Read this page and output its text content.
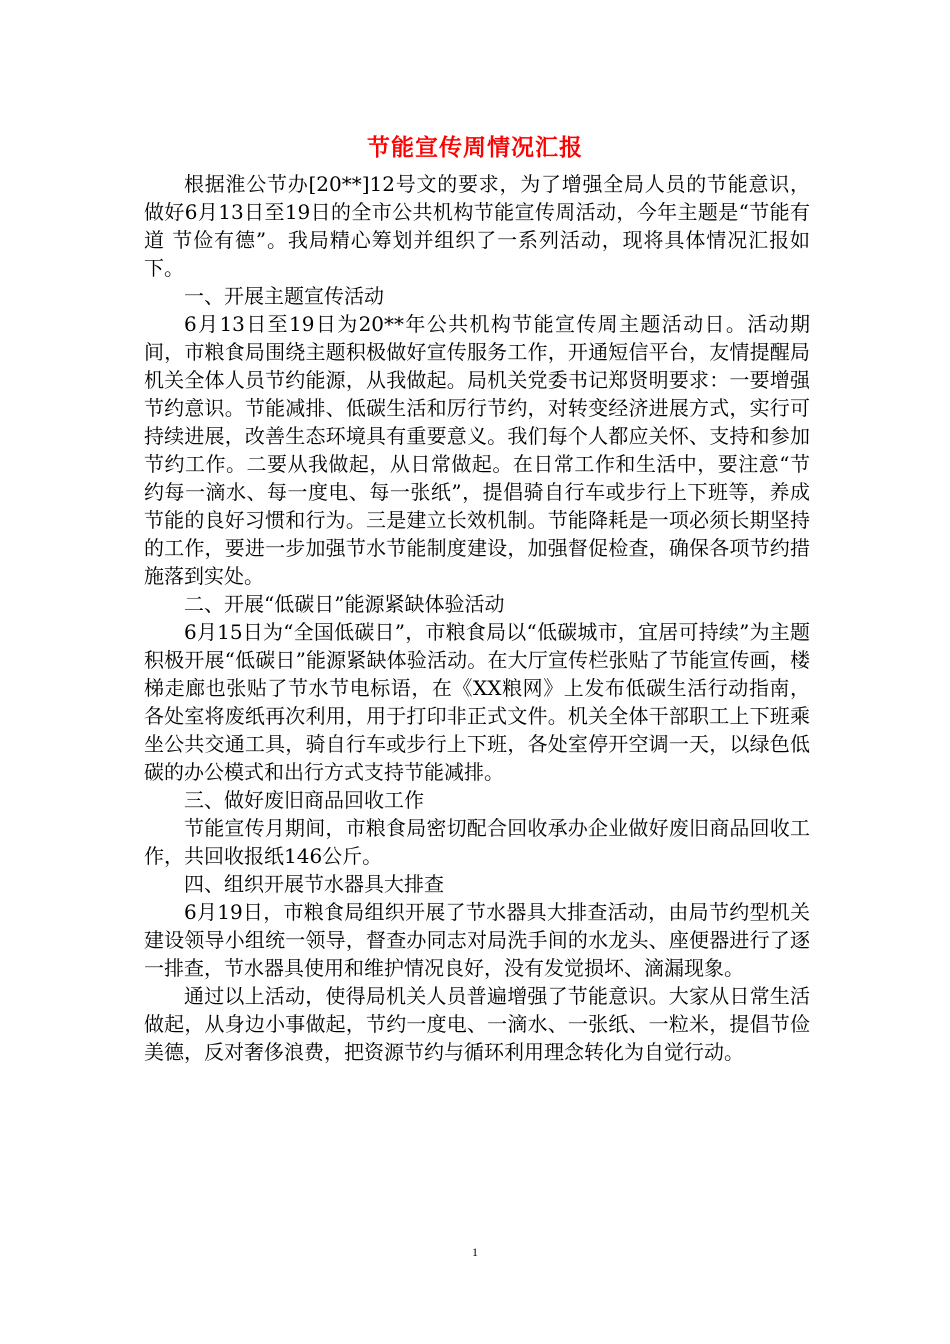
节能宣传周情况汇报

根据淮公节办[20**]12号文的要求，为了增强全局人员的节能意识，做好6月13日至19日的全市公共机构节能宣传周活动，今年主题是“节能有道 节俭有德”。我局精心筹划并组织了一系列活动，现将具体情况汇报如下。

一、开展主题宣传活动

6月13日至19日为20**年公共机构节能宣传周主题活动日。活动期间，市粮食局围绕主题积极做好宣传服务工作，开通短信平台，友情提醒局机关全体人员节约能源，从我做起。局机关党委书记郑贤明要求：一要增强节约意识。节能减排、低碳生活和厉行节约，对转变经济进展方式，实行可持续进展，改善生态环境具有重要意义。我们每个人都应关怀、支持和参加节约工作。二要从我做起，从日常做起。在日常工作和生活中，要注意“节约每一滴水、每一度电、每一张纸”，提倡骑自行车或步行上下班等，养成节能的良好习惯和行为。三是建立长效机制。节能降耗是一项必须长期坚持的工作，要进一步加强节水节能制度建设，加强督促检查，确保各项节约措施落到实处。

二、开展“低碳日”能源紧缺体验活动

6月15日为“全国低碳日”，市粮食局以“低碳城市，宜居可持续”为主题积极开展“低碳日”能源紧缺体验活动。在大厅宣传栏张贴了节能宣传画，楼梯走廊也张贴了节水节电标语，在《XX粮网》上发布低碳生活行动指南，各处室将废纸再次利用，用于打印非正式文件。机关全体干部职工上下班乘坐公共交通工具，骑自行车或步行上下班，各处室停开空调一天，以绿色低碳的办公模式和出行方式支持节能减排。

三、做好废旧商品回收工作

节能宣传月期间，市粮食局密切配合回收承办企业做好废旧商品回收工作，共回收报纸146公斤。

四、组织开展节水器具大排查

6月19日，市粮食局组织开展了节水器具大排查活动，由局节约型机关建设领导小组统一领导，督查办同志对局洗手间的水龙头、座便器进行了逐一排查，节水器具使用和维护情况良好，没有发觉损坏、滴漏现象。

通过以上活动，使得局机关人员普遍增强了节能意识。大家从日常生活做起，从身边小事做起，节约一度电、一滴水、一张纸、一粒米，提倡节俭美德，反对奢侈浪费，把资源节约与循环利用理念转化为自觉行动。

1
